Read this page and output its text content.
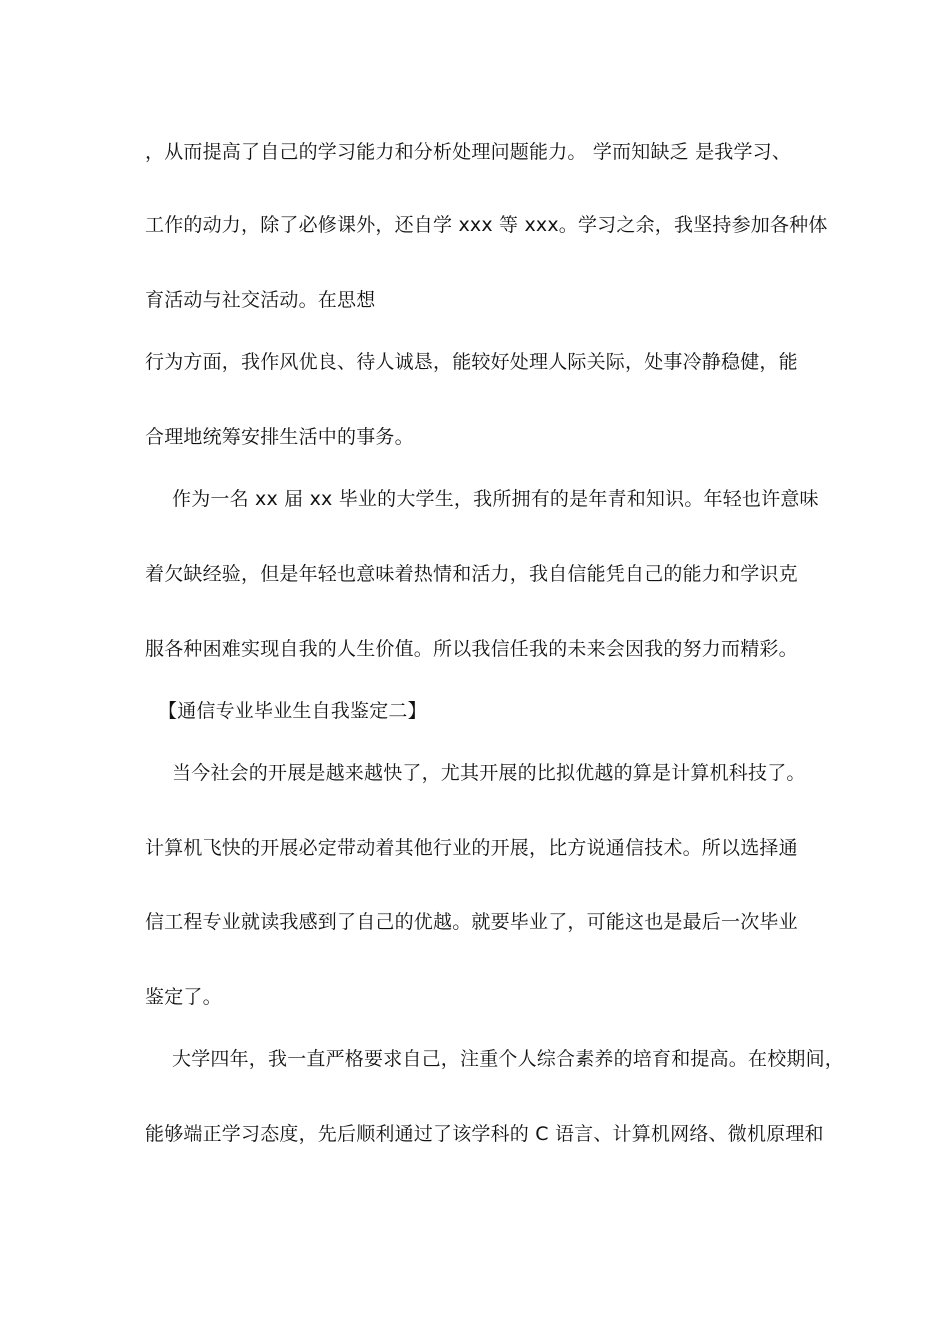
，从而提高了自己的学习能力和分析处理问题能力。 学而知缺乏 是我学习、
工作的动力，除了必修课外，还自学 xxx 等 xxx。学习之余，我坚持参加各种体
育活动与社交活动。在思想
行为方面，我作风优良、待人诚恳，能较好处理人际关际，处事冷静稳健，能
合理地统筹安排生活中的事务。
作为一名 xx 届 xx 毕业的大学生，我所拥有的是年青和知识。年轻也许意味
着欠缺经验，但是年轻也意味着热情和活力，我自信能凭自己的能力和学识克
服各种困难实现自我的人生价值。所以我信任我的未来会因我的努力而精彩。
【通信专业毕业生自我鉴定二】
当今社会的开展是越来越快了，尤其开展的比拟优越的算是计算机科技了。
计算机飞快的开展必定带动着其他行业的开展，比方说通信技术。所以选择通
信工程专业就读我感到了自己的优越。就要毕业了，可能这也是最后一次毕业
鉴定了。
大学四年，我一直严格要求自己，注重个人综合素养的培育和提高。在校期间，
能够端正学习态度，先后顺利通过了该学科的 C 语言、计算机网络、微机原理和
